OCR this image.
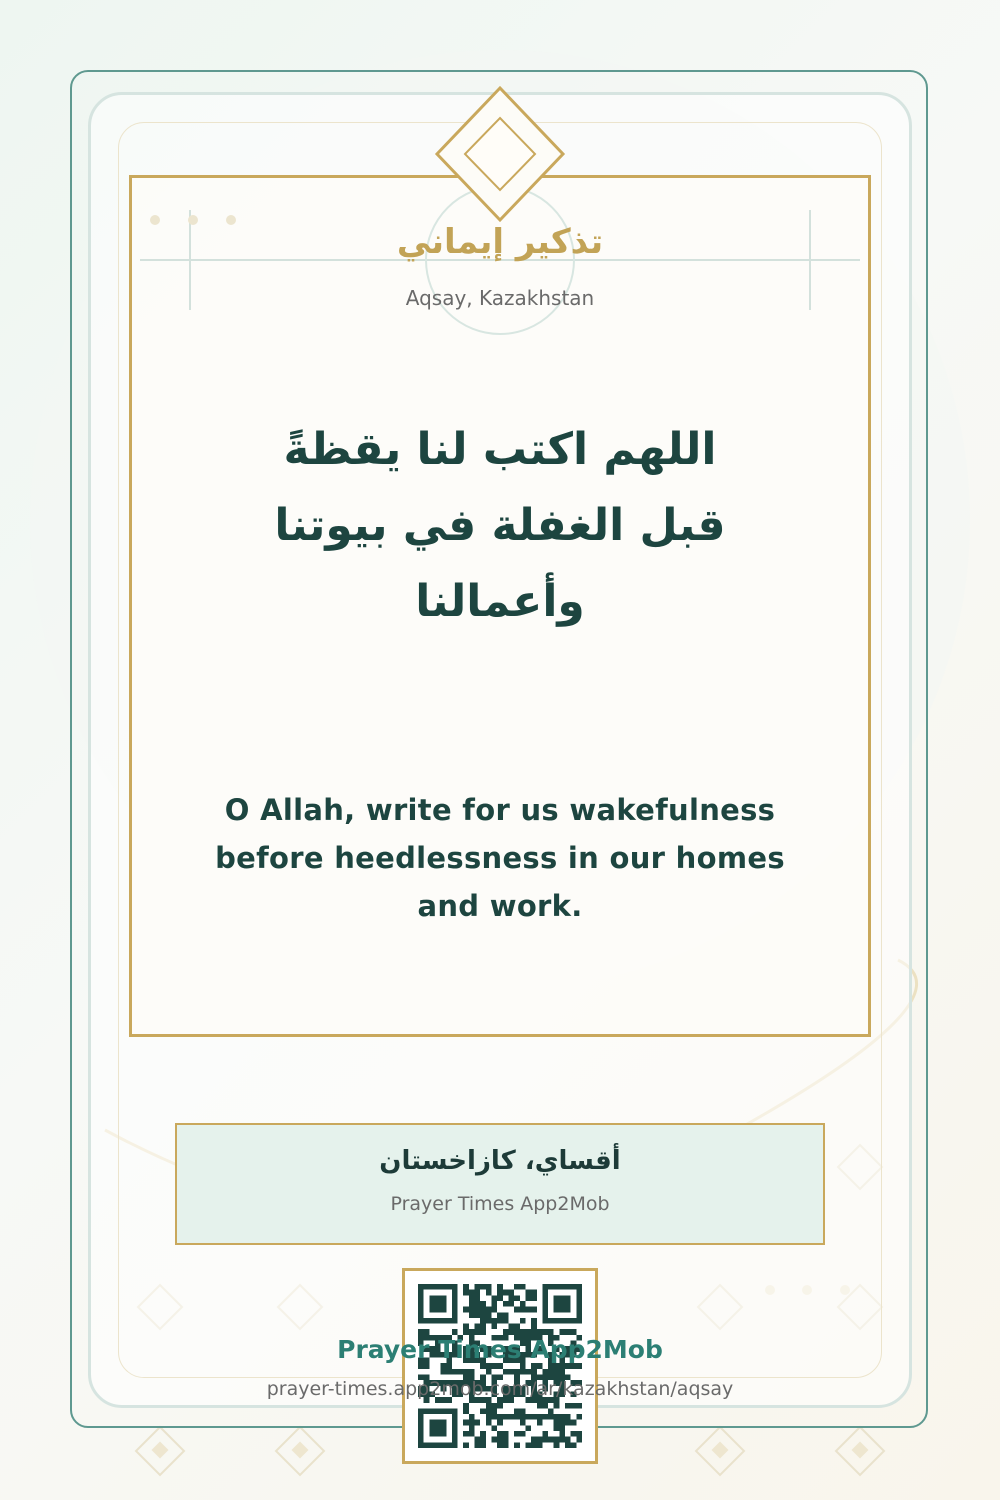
تذكير إيماني
Aqsay, Kazakhstan
اللهم اكتب لنا يقظةً
قبل الغفلة في بيوتنا
وأعمالنا
O Allah, write for us wakefulness
before heedlessness in our homes
and work.
أقساي، كازاخستان
Prayer Times App2Mob
Prayer Times App2Mob
prayer-times.app2mob.com/ar/kazakhstan/aqsay
